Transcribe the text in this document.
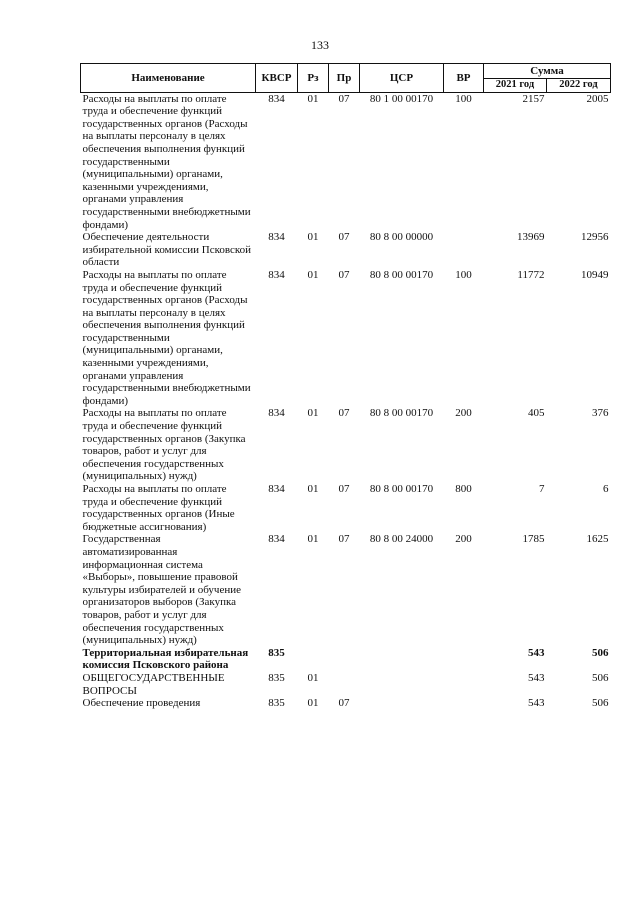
133
Наименование	КВСР	Рз	Пр	ЦСР	ВР	Сумма	
						2021 год	2022 год
Расходы на выплаты по оплате труда и обеспечение функций государственных органов (Расходы на выплаты персоналу в целях обеспечения выполнения функций государственными (муниципальными) органами, казенными учреждениями, органами управления государственными внебюджетными фондами)	834	01	07	80 1 00 00170	100	2157	2005
Обеспечение деятельности избирательной комиссии Псковской области	834	01	07	80 8 00 00000		13969	12956
Расходы на выплаты по оплате труда и обеспечение функций государственных органов (Расходы на выплаты персоналу в целях обеспечения выполнения функций государственными (муниципальными) органами, казенными учреждениями, органами управления государственными внебюджетными фондами)	834	01	07	80 8 00 00170	100	11772	10949
Расходы на выплаты по оплате труда и обеспечение функций государственных органов (Закупка товаров, работ и услуг для обеспечения государственных (муниципальных) нужд)	834	01	07	80 8 00 00170	200	405	376
Расходы на выплаты по оплате труда и обеспечение функций государственных органов (Иные бюджетные ассигнования)	834	01	07	80 8 00 00170	800	7	6
Государственная автоматизированная информационная система «Выборы», повышение правовой культуры избирателей и обучение организаторов выборов (Закупка товаров, работ и услуг для обеспечения государственных (муниципальных) нужд)	834	01	07	80 8 00 24000	200	1785	1625
Территориальная избирательная комиссия Псковского района	835					543	506
ОБЩЕГОСУДАРСТВЕННЫЕ ВОПРОСЫ	835	01				543	506
Обеспечение проведения	835	01	07			543	506
